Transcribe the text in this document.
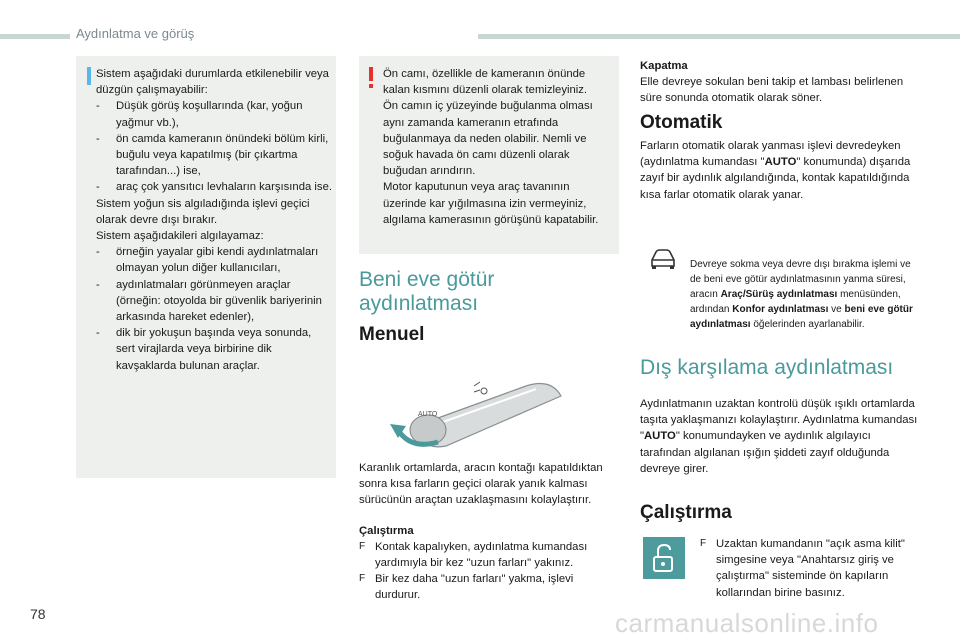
Aydınlatma ve görüş
Sistem aşağıdaki durumlarda etkilenebilir veya düzgün çalışmayabilir:
-	Düşük görüş koşullarında (kar, yoğun yağmur vb.),
-	ön camda kameranın önündeki bölüm kirli, buğulu veya kapatılmış (bir çıkartma tarafından...) ise,
-	araç çok yansıtıcı levhaların karşısında ise.
Sistem yoğun sis algıladığında işlevi geçici olarak devre dışı bırakır.
Sistem aşağıdakileri algılayamaz:
-	örneğin yayalar gibi kendi aydınlatmaları olmayan yolun diğer kullanıcıları,
-	aydınlatmaları görünmeyen araçlar (örneğin: otoyolda bir güvenlik bariyerinin arkasında hareket edenler),
-	dik bir yokuşun başında veya sonunda, sert virajlarda veya birbirine dik kavşaklarda bulunan araçlar.
Ön camı, özellikle de kameranın önünde kalan kısmını düzenli olarak temizleyiniz.
Ön camın iç yüzeyinde buğulanma olması aynı zamanda kameranın etrafında buğulanmaya da neden olabilir. Nemli ve soğuk havada ön camı düzenli olarak buğudan arındırın.
Motor kaputunun veya araç tavanının üzerinde kar yığılmasına izin vermeyiniz, algılama kamerasının görüşünü kapatabilir.
Beni eve götür aydınlatması
Menuel
AUTO
Karanlık ortamlarda, aracın kontağı kapatıldıktan sonra kısa farların geçici olarak yanık kalması sürücünün araçtan uzaklaşmasını kolaylaştırır.
Çalıştırma
F Kontak kapalıyken, aydınlatma kumandası yardımıyla bir kez "uzun farları" yakınız.
F Bir kez daha "uzun farları" yakma, işlevi durdurur.
Kapatma
Elle devreye sokulan beni takip et lambası belirlenen süre sonunda otomatik olarak söner.
Otomatik
Farların otomatik olarak yanması işlevi devredeyken (aydınlatma kumandası "AUTO" konumunda) dışarıda zayıf bir aydınlık algılandığında, kontak kapatıldığında kısa farlar otomatik olarak yanar.
Devreye sokma veya devre dışı bırakma işlemi ve de beni eve götür aydınlatmasının yanma süresi, aracın Araç/Sürüş aydınlatması menüsünden, ardından Konfor aydınlatması ve beni eve götür aydınlatması öğelerinden ayarlanabilir.
Dış karşılama aydınlatması
Aydınlatmanın uzaktan kontrolü düşük ışıklı ortamlarda taşıta yaklaşmanızı kolaylaştırır. Aydınlatma kumandası "AUTO" konumundayken ve aydınlık algılayıcı tarafından algılanan ışığın şiddeti zayıf olduğunda devreye girer.
Çalıştırma
F Uzaktan kumandanın "açık asma kilit" simgesine veya "Anahtarsız giriş ve çalıştırma" sisteminde ön kapıların kollarından birine basınız.
78	carmanualsonline.info
